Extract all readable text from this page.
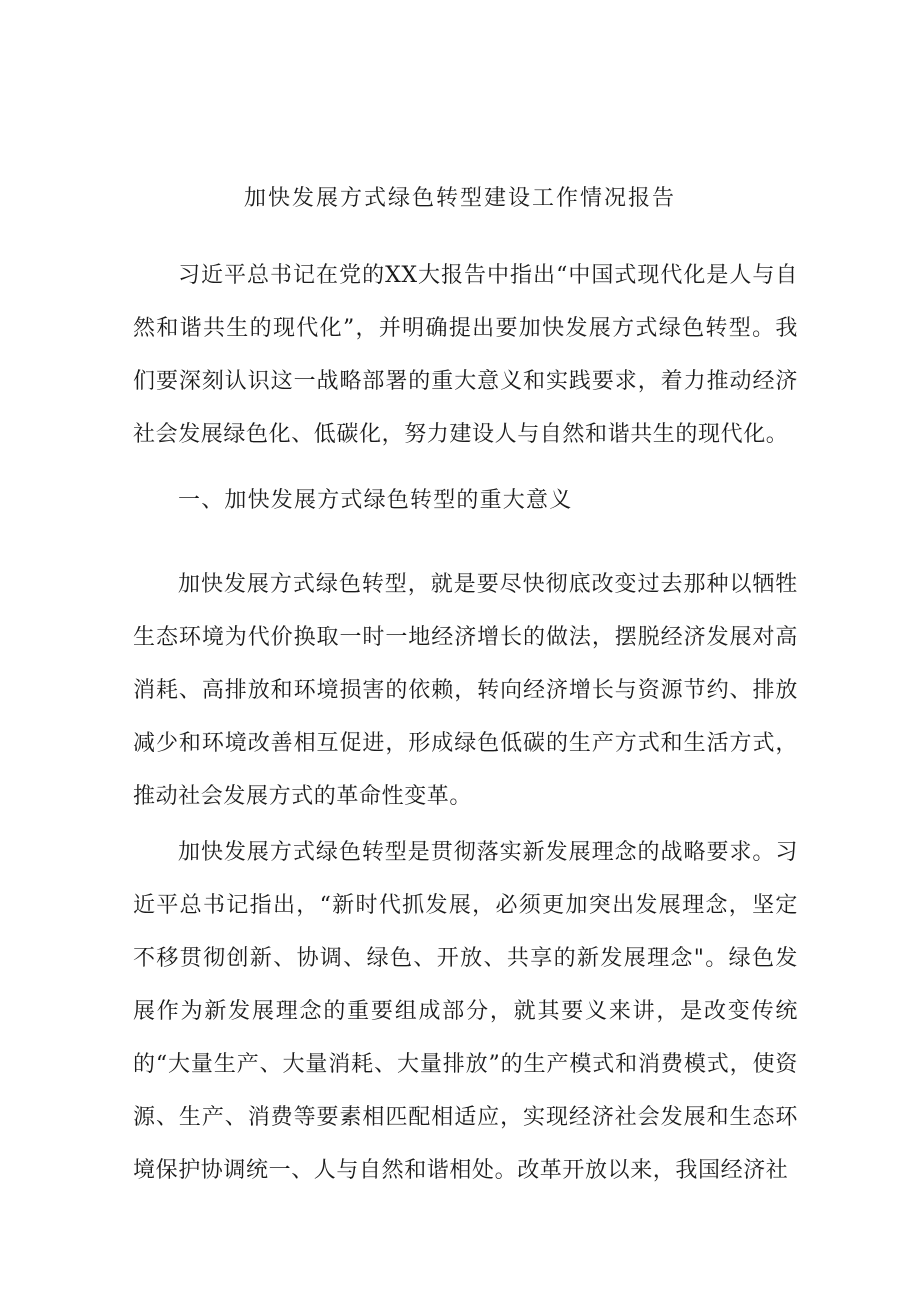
加快发展方式绿色转型建设工作情况报告

习近平总书记在党的XX大报告中指出“中国式现代化是人与自然和谐共生的现代化”，并明确提出要加快发展方式绿色转型。我们要深刻认识这一战略部署的重大意义和实践要求，着力推动经济社会发展绿色化、低碳化，努力建设人与自然和谐共生的现代化。

一、加快发展方式绿色转型的重大意义

加快发展方式绿色转型，就是要尽快彻底改变过去那种以牺牲生态环境为代价换取一时一地经济增长的做法，摆脱经济发展对高消耗、高排放和环境损害的依赖，转向经济增长与资源节约、排放减少和环境改善相互促进，形成绿色低碳的生产方式和生活方式，推动社会发展方式的革命性变革。

加快发展方式绿色转型是贯彻落实新发展理念的战略要求。习近平总书记指出，“新时代抓发展，必须更加突出发展理念，坚定不移贯彻创新、协调、绿色、开放、共享的新发展理念"。绿色发展作为新发展理念的重要组成部分，就其要义来讲，是改变传统的“大量生产、大量消耗、大量排放”的生产模式和消费模式，使资源、生产、消费等要素相匹配相适应，实现经济社会发展和生态环境保护协调统一、人与自然和谐相处。改革开放以来，我国经济社
